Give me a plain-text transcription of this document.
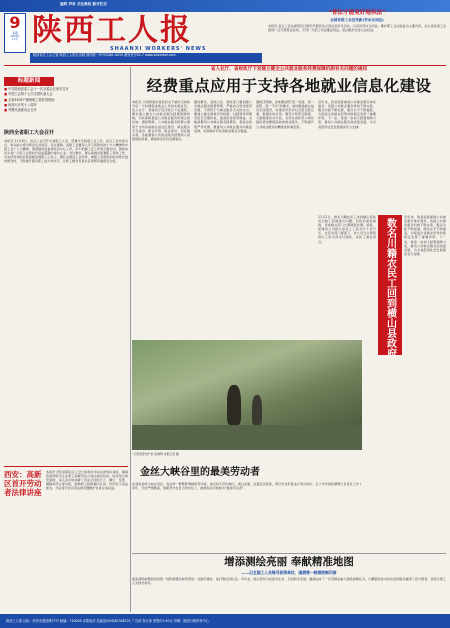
福利 声音 关注维权 新开栏目
9
星期
2018年
11月 陕西工人报
SHAANXI WORKERS' NEWS
陕西省总工会主管 陕西工人报社出版 国内统一刊号CN61-0015 邮发代号51-7 www.sxworker.com
“普法才能更好地执法”
全国各级工会宣传新(劳动合同法)
本报讯 省总工会法律部近日组织开展劳动合同法宣传月活动，以宣讲劳动合同法、维护职工合法权益为主要内容，在全省各级工会组织广泛开展普法宣传，引导广大职工学法懂法用法，依法维护自身合法权益。
标题新闻
■ 中共陕西省委工会十一次全委会在西安召开
■ 中国工会第十七次全国代表大会
■ 全省3305户困难职工将获得资助
■ 西部大开发十八周年
■ 劳模代表座谈会召开
陕西全省职工大会召开
本报讯 11月8日，省总工会召开全省职工大会，部署今冬明春工会工作，省总工会党组书记、常务副主席出席会议并讲话。会议强调，各级工会要深入学习贯彻党的十九大精神和中国工会十七大精神，紧紧围绕省委省政府中心工作，牢牢把握工会工作的正确方向，团结动员全省广大职工在新时代追赶超越中建功立业。会议要求，要认真做好困难职工帮扶工作，切实把党和政府的温暖送到职工心坎上，要扎实推进工会改革，增强工会组织的政治性先进性群众性，不断提升服务职工能力和水平，让职工群众有更多获得感幸福感安全感。
省人社厅、省财政厅下发建立健全公共就业服务经费保障机制有关问题的通知
经费重点应用于支持各地就业信息化建设
本报讯 为贯彻落实省政府关于做好当前和今后一个时期促进就业工作的实施意见，省人社厅、省财政厅近日联合下发通知，要求建立健全公共就业服务经费保障机制，切实保障基层公共就业服务机构正常运转。通知明确，公共就业服务经费主要用于支持各地就业信息化建设、就业服务平台建设、职业介绍、职业指导、创业服务等，各地要将公共就业服务经费纳入同级财政预算，确保资金及时足额到位。
通知要求，各地人社、财政部门要加强公共就业服务经费管理，严格执行资金使用范围，不得用于与就业服务无关的支出。要建立健全绩效评价机制，对经费使用情况进行定期检查，提高资金使用效益。对截留挪用公共就业服务经费的，将依法依规严肃处理。要推动公共就业服务向基层延伸，实现城乡劳动者就业服务全覆盖。
通知还明确，各地要按照“统一标准、统一流程、统一平台”的要求，加快推进就业信息系统建设，实现省市县乡村五级互联互通，数据实时共享。要充分利用互联网、大数据等技术手段，为劳动者和用人单位提供更加便捷高效的就业服务，不断提升公共就业服务的精准度和满意度。
近年来，我省高度重视公共就业服务体系建设，各级公共就业服务机构不断完善，服务功能不断拓展，服务水平不断提高，为促进全省就业形势持续稳定发挥了重要作用。下一步，将进一步加大经费保障力度，推动公共就业服务高质量发展，为全省经济社会发展提供有力支撑。
11月2日，数名川籍农民工来到横山县政府反映工资被拖欠问题。县政府高度重视，责成相关部门立即调查处理。经查，某建筑公司拖欠农民工工资共计十余万元。在有关部门督促下，该公司当日即将拖欠工资全部支付到位，农民工满意而归。	数名川籍农民工回到横山县政府
近年来，我省高度重视公共就业服务体系建设，各级公共就业服务机构不断完善，服务功能不断拓展，服务水平不断提高，为促进全省就业形势持续稳定发挥了重要作用。下一步，将进一步加大经费保障力度，推动公共就业服务高质量发展，为全省经济社会发展提供有力支撑。
“万里雪原守护者”张增辉 本报记者 摄
金丝大峡谷里的最美劳动者
在商洛金丝大峡谷景区，有这样一群默默奉献的劳动者，他们每天早出晚归，清扫步道、巡查安全隐患，用汗水守护着这片青山绿水。五十多岁的张增辉已在景区工作十余年，无论严寒酷暑，他都坚守在自己的岗位上，被游客亲切地称为“最美劳动者”。
西安：高新区首开劳动者法律讲座
本报讯 西安高新区总工会日前举办劳动法律知识讲座，邀请资深律师为企业职工讲解劳动合同法相关知识。讲座结合典型案例，深入浅出地讲解了劳动合同的订立、履行、变更、解除和终止等内容，现场职工积极提问互动，纷纷表示受益匪浅，今后将学会运用法律武器维护自身合法权益。
增添测绘亮丽 奉献精准地图
——记全国工人先锋号获得单位、国测第一制图院制印部
国家测绘地理信息局第一地形测量队制印部是一支敢打硬仗、能打胜仗的队伍。多年来，他们坚持以质量求生存、以创新求发展，圆满完成了一系列国家重大测绘保障任务，以精湛的技术和优质的服务赢得了各方赞誉，荣获全国工人先锋号称号。
陕西工人报 社址：西安市建设路77号 邮编：710005 本报电话 总编室(029)82346721 广告部 发行部 零售价1.50元 印刷：陕西日报印务中心
